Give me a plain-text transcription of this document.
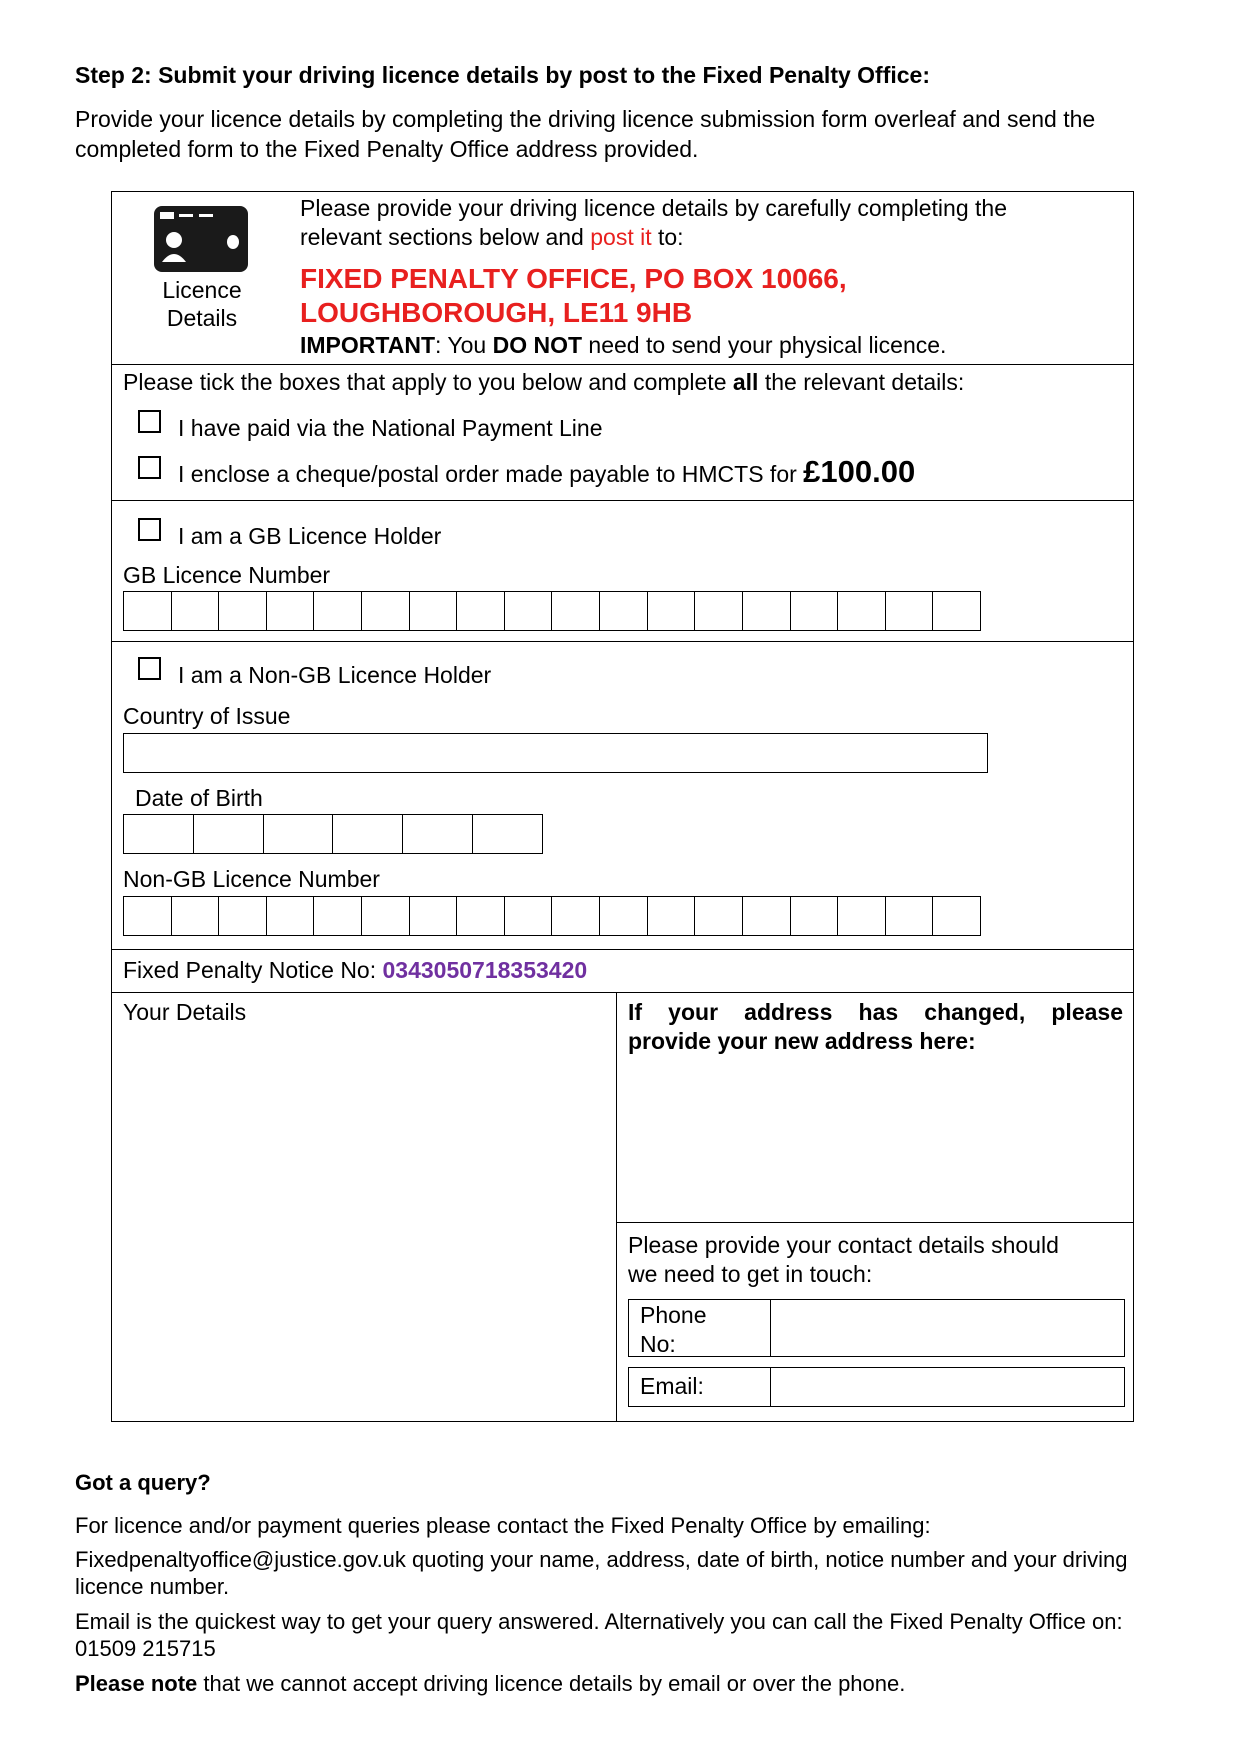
Step 2: Submit your driving licence details by post to the Fixed Penalty Office:
Provide your licence details by completing the driving licence submission form overleaf and send the completed form to the Fixed Penalty Office address provided.
Licence
Details
Please provide your driving licence details by carefully completing the
relevant sections below and post it to:
FIXED PENALTY OFFICE, PO BOX 10066,
LOUGHBOROUGH, LE11 9HB
IMPORTANT: You DO NOT need to send your physical licence.
Please tick the boxes that apply to you below and complete all the relevant details:
I have paid via the National Payment Line
I enclose a cheque/postal order made payable to HMCTS for £100.00
I am a GB Licence Holder
GB Licence Number
I am a Non-GB Licence Holder
Country of Issue
Date of Birth
Non-GB Licence Number
Fixed Penalty Notice No: 0343050718353420
Your Details	If your address has changed, please
provide your new address here:
Please provide your contact details should
we need to get in touch:
Phone
No:
Email:
Got a query?
For licence and/or payment queries please contact the Fixed Penalty Office by emailing:
Fixedpenaltyoffice@justice.gov.uk quoting your name, address, date of birth, notice number and your driving licence number.
Email is the quickest way to get your query answered. Alternatively you can call the Fixed Penalty Office on: 01509 215715
Please note that we cannot accept driving licence details by email or over the phone.
